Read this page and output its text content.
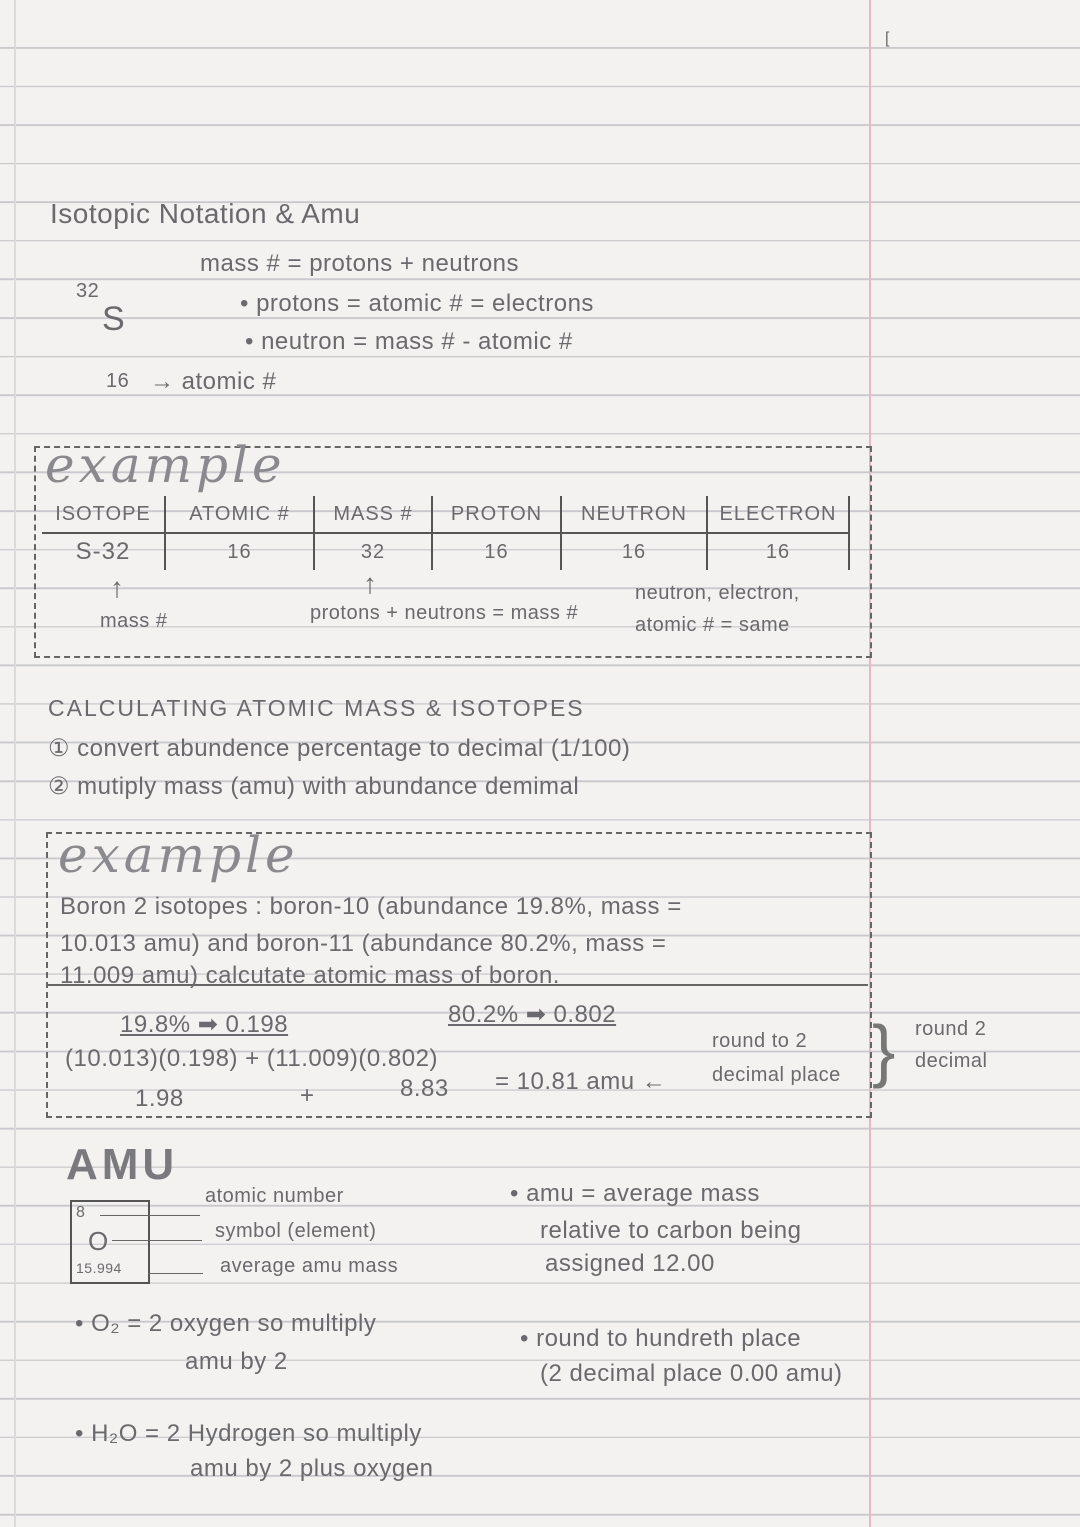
[
Isotopic Notation & Amu
32
S
16
mass # = protons + neutrons
• protons = atomic # = electrons
• neutron = mass # - atomic #
→ atomic #
example
ISOTOPE	ATOMIC #	MASS #	PROTON	NEUTRON	ELECTRON
S-32	16	32	16	16	16
↑	↑
mass #	protons + neutrons = mass #
neutron, electron,
atomic # = same
CALCULATING ATOMIC MASS & ISOTOPES
① convert abundence percentage to decimal (1/100)
② mutiply mass (amu) with abundance demimal
example
Boron 2 isotopes : boron-10 (abundance 19.8%, mass =
10.013 amu) and boron-11 (abundance 80.2%, mass =
11.009 amu) calcutate atomic mass of boron.
19.8% ➡ 0.198	80.2% ➡ 0.802
(10.013)(0.198) + (11.009)(0.802)
1.98	+	8.83 = 10.81 amu ←
round to 2
decimal place } round 2
decimal
AMU
8
O
15.994
atomic number
symbol (element)
average amu mass
• amu = average mass
relative to carbon being
assigned 12.00
• O₂ = 2 oxygen so multiply
amu by 2
• round to hundreth place
(2 decimal place 0.00 amu)
• H₂O = 2 Hydrogen so multiply
amu by 2 plus oxygen
